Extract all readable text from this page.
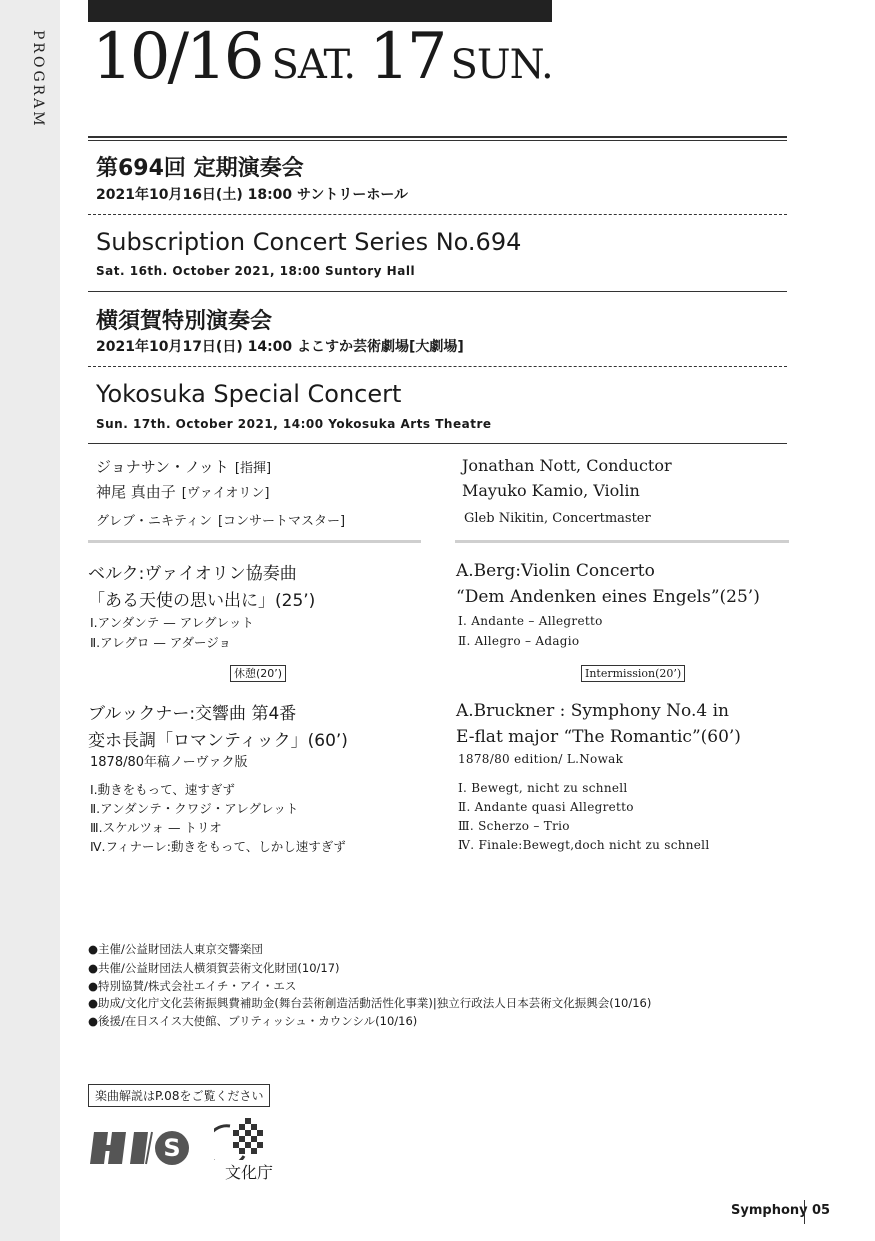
PROGRAM 10/16 SAT. 17 SUN.
第694回 定期演奏会
2021年10月16日(土) 18:00 サントリーホール
Subscription Concert Series No.694
Sat. 16th. October 2021, 18:00 Suntory Hall
横須賀特別演奏会
2021年10月17日(日) 14:00 よこすか芸術劇場[大劇場]
Yokosuka Special Concert
Sun. 17th. October 2021, 14:00 Yokosuka Arts Theatre
ジョナサン・ノット [指揮]
神尾 真由子 [ヴァイオリン]
グレブ・ニキティン [コンサートマスター]
Jonathan Nott, Conductor
Mayuko Kamio, Violin
Gleb Nikitin, Concertmaster
ベルク:ヴァイオリン協奏曲
「ある天使の思い出に」(25’)
Ⅰ.アンダンテ — アレグレット
Ⅱ.アレグロ — アダージョ
A.Berg:Violin Concerto
“Dem Andenken eines Engels”(25’)
Ⅰ. Andante – Allegretto
Ⅱ. Allegro – Adagio
休憩(20’)	Intermission(20’)
ブルックナー:交響曲 第4番
変ホ長調「ロマンティック」(60’)
1878/80年稿ノーヴァク版
Ⅰ.動きをもって、速すぎず
Ⅱ.アンダンテ・クワジ・アレグレット
Ⅲ.スケルツォ — トリオ
Ⅳ.フィナーレ:動きをもって、しかし速すぎず
A.Bruckner : Symphony No.4 in
E-flat major “The Romantic”(60’)
1878/80 edition/ L.Nowak
Ⅰ. Bewegt, nicht zu schnell
Ⅱ. Andante quasi Allegretto
Ⅲ. Scherzo – Trio
Ⅳ. Finale:Bewegt,doch nicht zu schnell
●主催/公益財団法人東京交響楽団
●共催/公益財団法人横須賀芸術文化財団(10/17)
●特別協賛/株式会社エイチ・アイ・エス
●助成/文化庁文化芸術振興費補助金(舞台芸術創造活動活性化事業)|独立行政法人日本芸術文化振興会(10/16)
●後援/在日スイス大使館、ブリティッシュ・カウンシル(10/16)
楽曲解説はP.08をご覧ください
S
文化庁
Symphony 05
